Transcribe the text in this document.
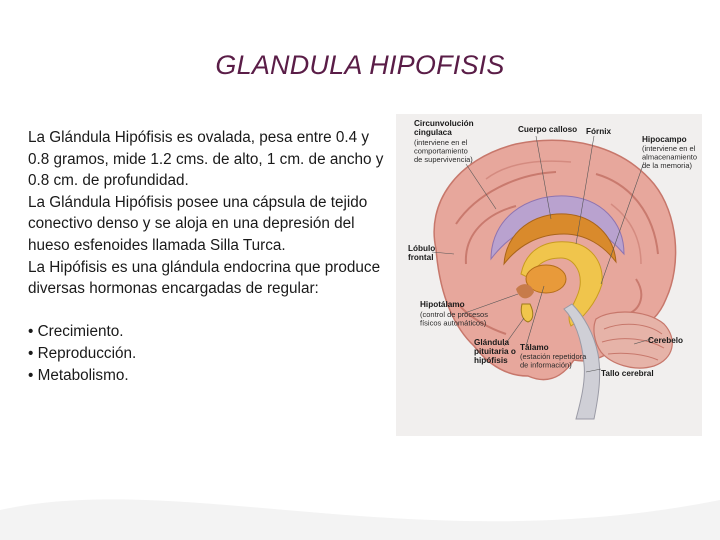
GLANDULA HIPOFISIS

La Glándula Hipófisis es ovalada, pesa entre 0.4 y 0.8 gramos, mide 1.2 cms. de alto, 1 cm. de ancho y 0.8 cm. de profundidad.

La Glándula Hipófisis posee una cápsula de tejido conectivo denso y se aloja en una depresión del hueso esfenoides llamada Silla Turca.

La Hipófisis es una glándula endocrina que produce diversas hormonas encargadas de regular:

• Crecimiento.

• Reproducción.

• Metabolismo.

Circunvolución cingulaca
(interviene en el comportamiento de supervivencia)
Cuerpo calloso Fórnix
Hipocampo
(interviene en el almacenamiento de la memoria)
Lóbulo frontal
Hipotálamo
(control de procesos físicos automáticos)
Glándula pituitaria o hipófisis
Tálamo
(estación repetidora de información)
Cerebelo
Tallo cerebral
